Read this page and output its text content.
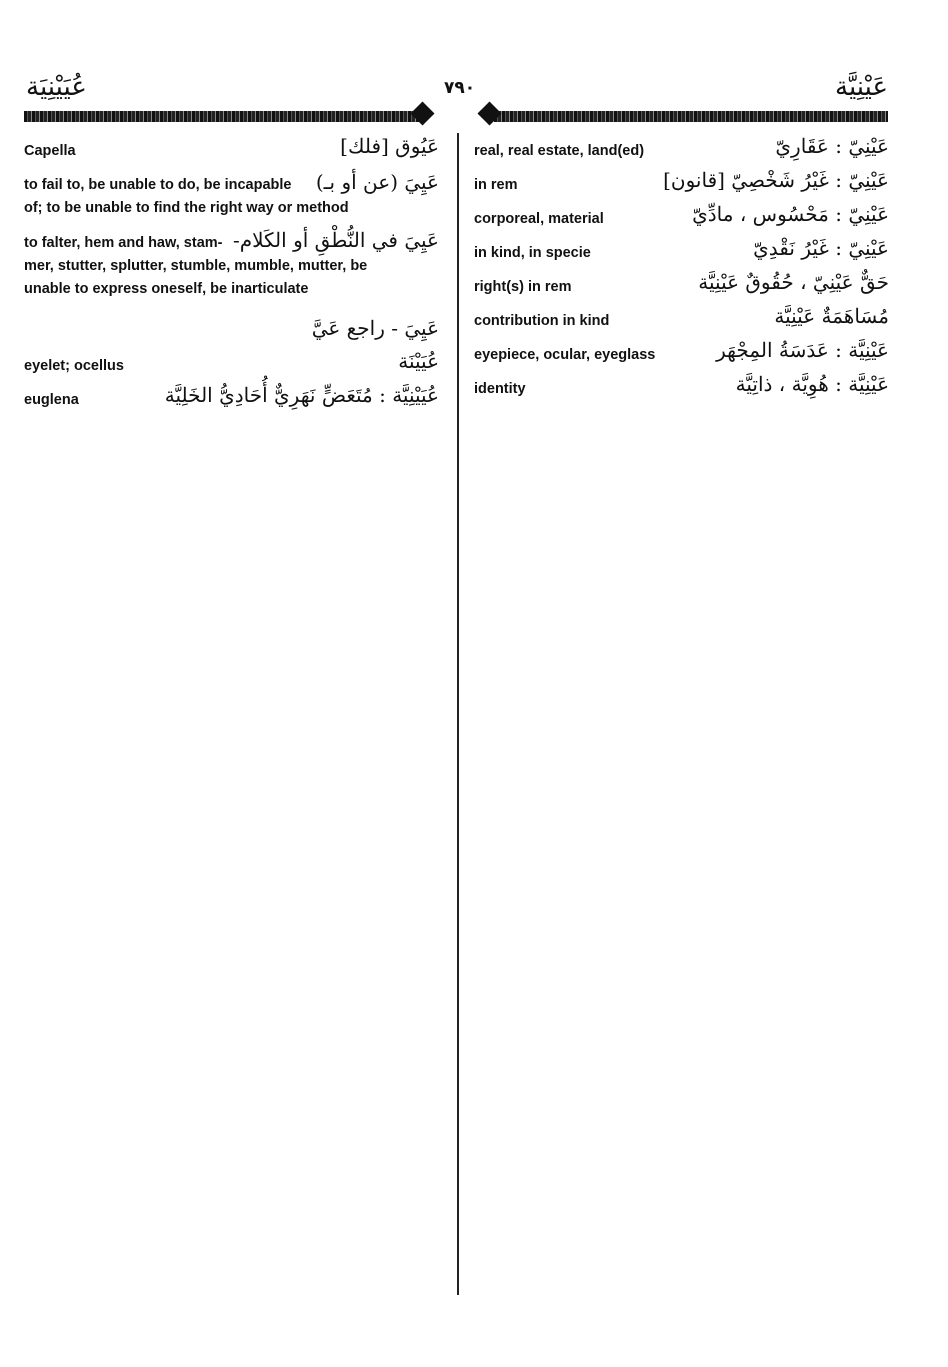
عُيَيْنِيَة	٧٩٠	عَيْنِيَّة
عَيُوق [فلك]
Capella
عَيِيَ (عن أو بـ)
to fail to, be unable to do, be incapable
of; to be unable to find the right way or method
عَيِيَ في النُّطْقِ أو الكَلام-
to falter, hem and haw, stam-
mer, stutter, splutter, stumble, mumble, mutter, be
unable to express oneself, be inarticulate
عَيِيَ - راجع عَيَّ
عُيَيْنَة
eyelet; ocellus
عُيَيْنِيَّة : مُتَعَضٍّ نَهَرِيٌّ أُحَادِيُّ الخَلِيَّة
euglena
عَيْنِيّ : عَقَارِيّ
real, real estate, land(ed)
عَيْنِيّ : غَيْرُ شَخْصِيّ [قانون]
in rem
عَيْنِيّ : مَحْسُوس ، مادِّيّ
corporeal, material
عَيْنِيّ : غَيْرُ نَقْدِيّ
in kind, in specie
حَقٌّ عَيْنِيّ ، حُقُوقٌ عَيْنِيَّة
right(s) in rem
مُسَاهَمَةٌ عَيْنِيَّة
contribution in kind
عَيْنِيَّة : عَدَسَةُ المِجْهَر
eyepiece, ocular, eyeglass
عَيْنِيَّة : هُوِيَّة ، ذاتِيَّة
identity
